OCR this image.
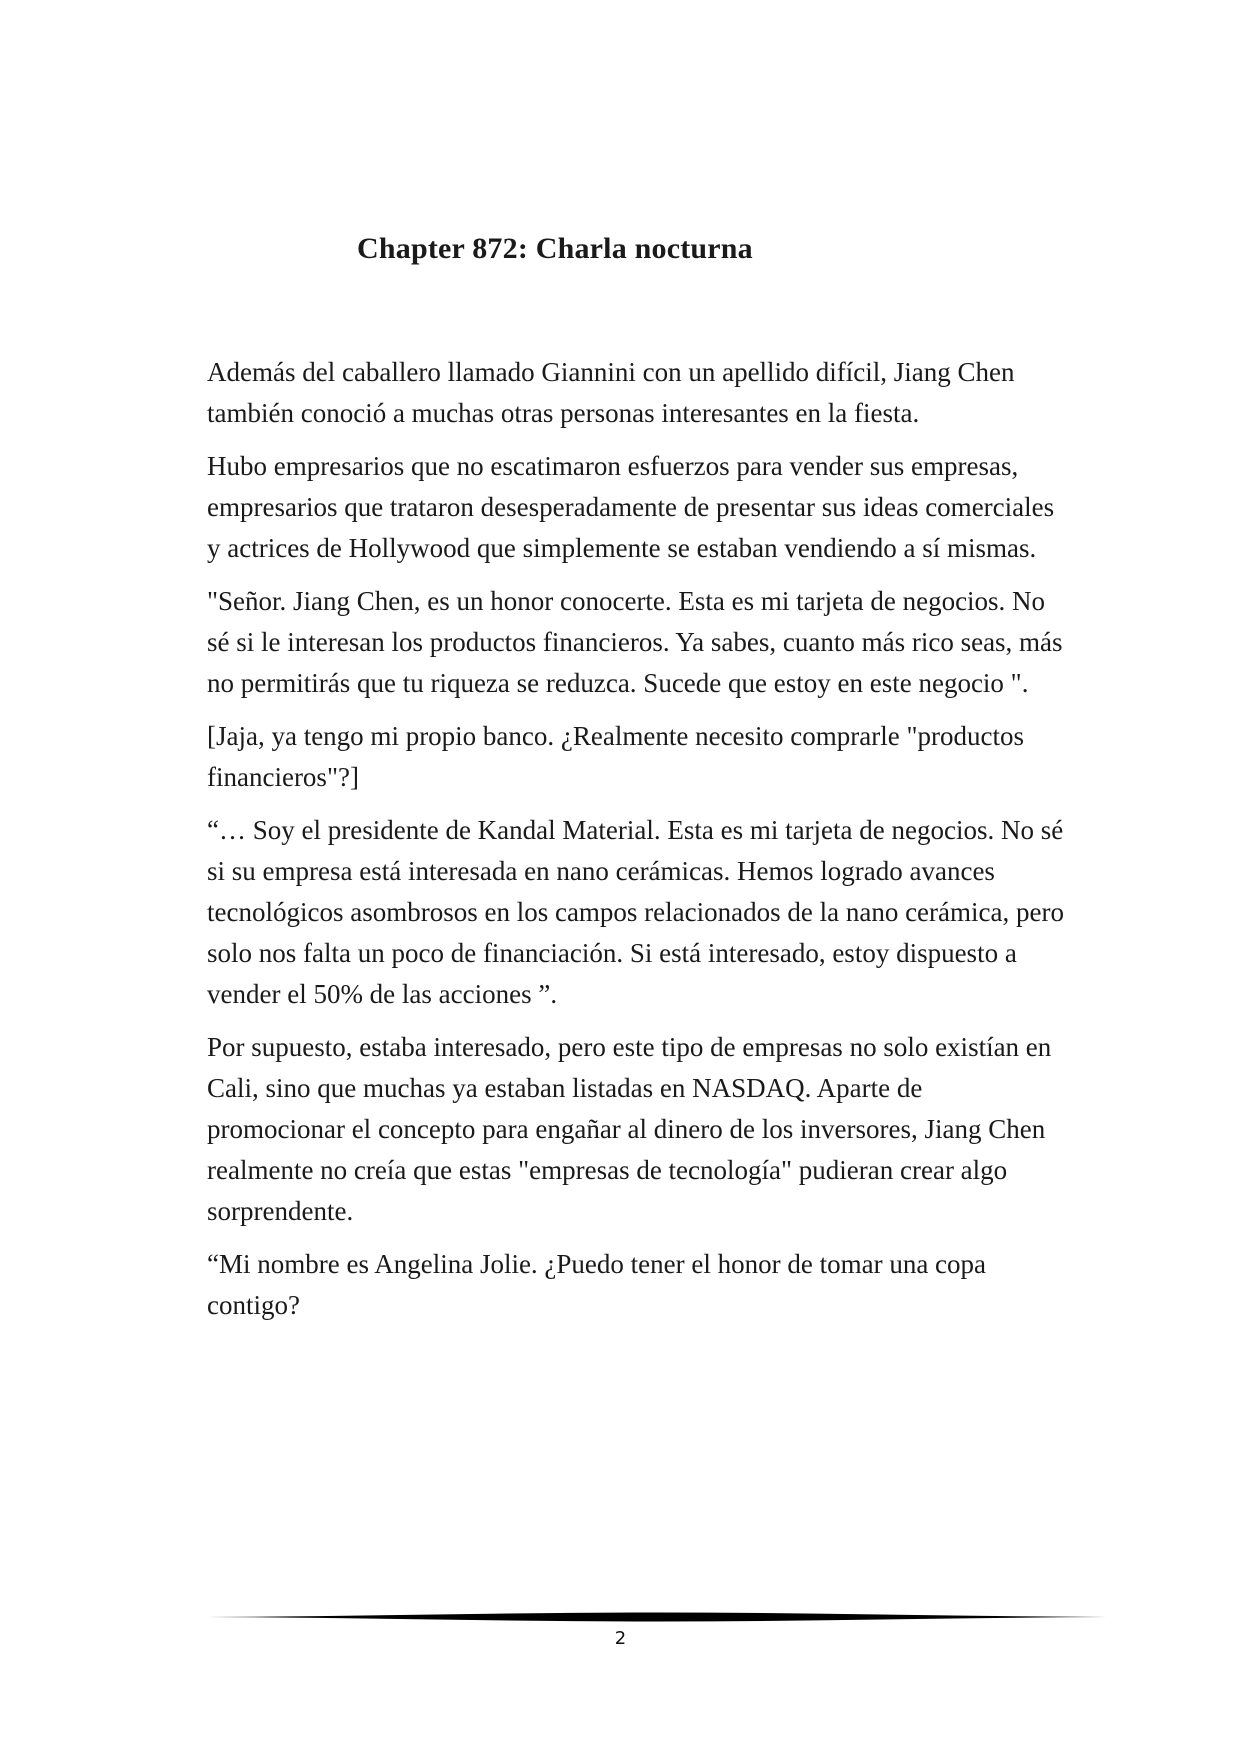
Chapter 872: Charla nocturna

Además del caballero llamado Giannini con un apellido difícil, Jiang Chen también conoció a muchas otras personas interesantes en la fiesta.

Hubo empresarios que no escatimaron esfuerzos para vender sus empresas, empresarios que trataron desesperadamente de presentar sus ideas comerciales y actrices de Hollywood que simplemente se estaban vendiendo a sí mismas.

"Señor. Jiang Chen, es un honor conocerte. Esta es mi tarjeta de negocios. No sé si le interesan los productos financieros. Ya sabes, cuanto más rico seas, más no permitirás que tu riqueza se reduzca. Sucede que estoy en este negocio ".

[Jaja, ya tengo mi propio banco. ¿Realmente necesito comprarle "productos financieros"?]

“… Soy el presidente de Kandal Material. Esta es mi tarjeta de negocios. No sé si su empresa está interesada en nano cerámicas. Hemos logrado avances tecnológicos asombrosos en los campos relacionados de la nano cerámica, pero solo nos falta un poco de financiación. Si está interesado, estoy dispuesto a vender el 50% de las acciones ”.

Por supuesto, estaba interesado, pero este tipo de empresas no solo existían en Cali, sino que muchas ya estaban listadas en NASDAQ. Aparte de promocionar el concepto para engañar al dinero de los inversores, Jiang Chen realmente no creía que estas "empresas de tecnología" pudieran crear algo sorprendente.

“Mi nombre es Angelina Jolie. ¿Puedo tener el honor de tomar una copa contigo?

2
